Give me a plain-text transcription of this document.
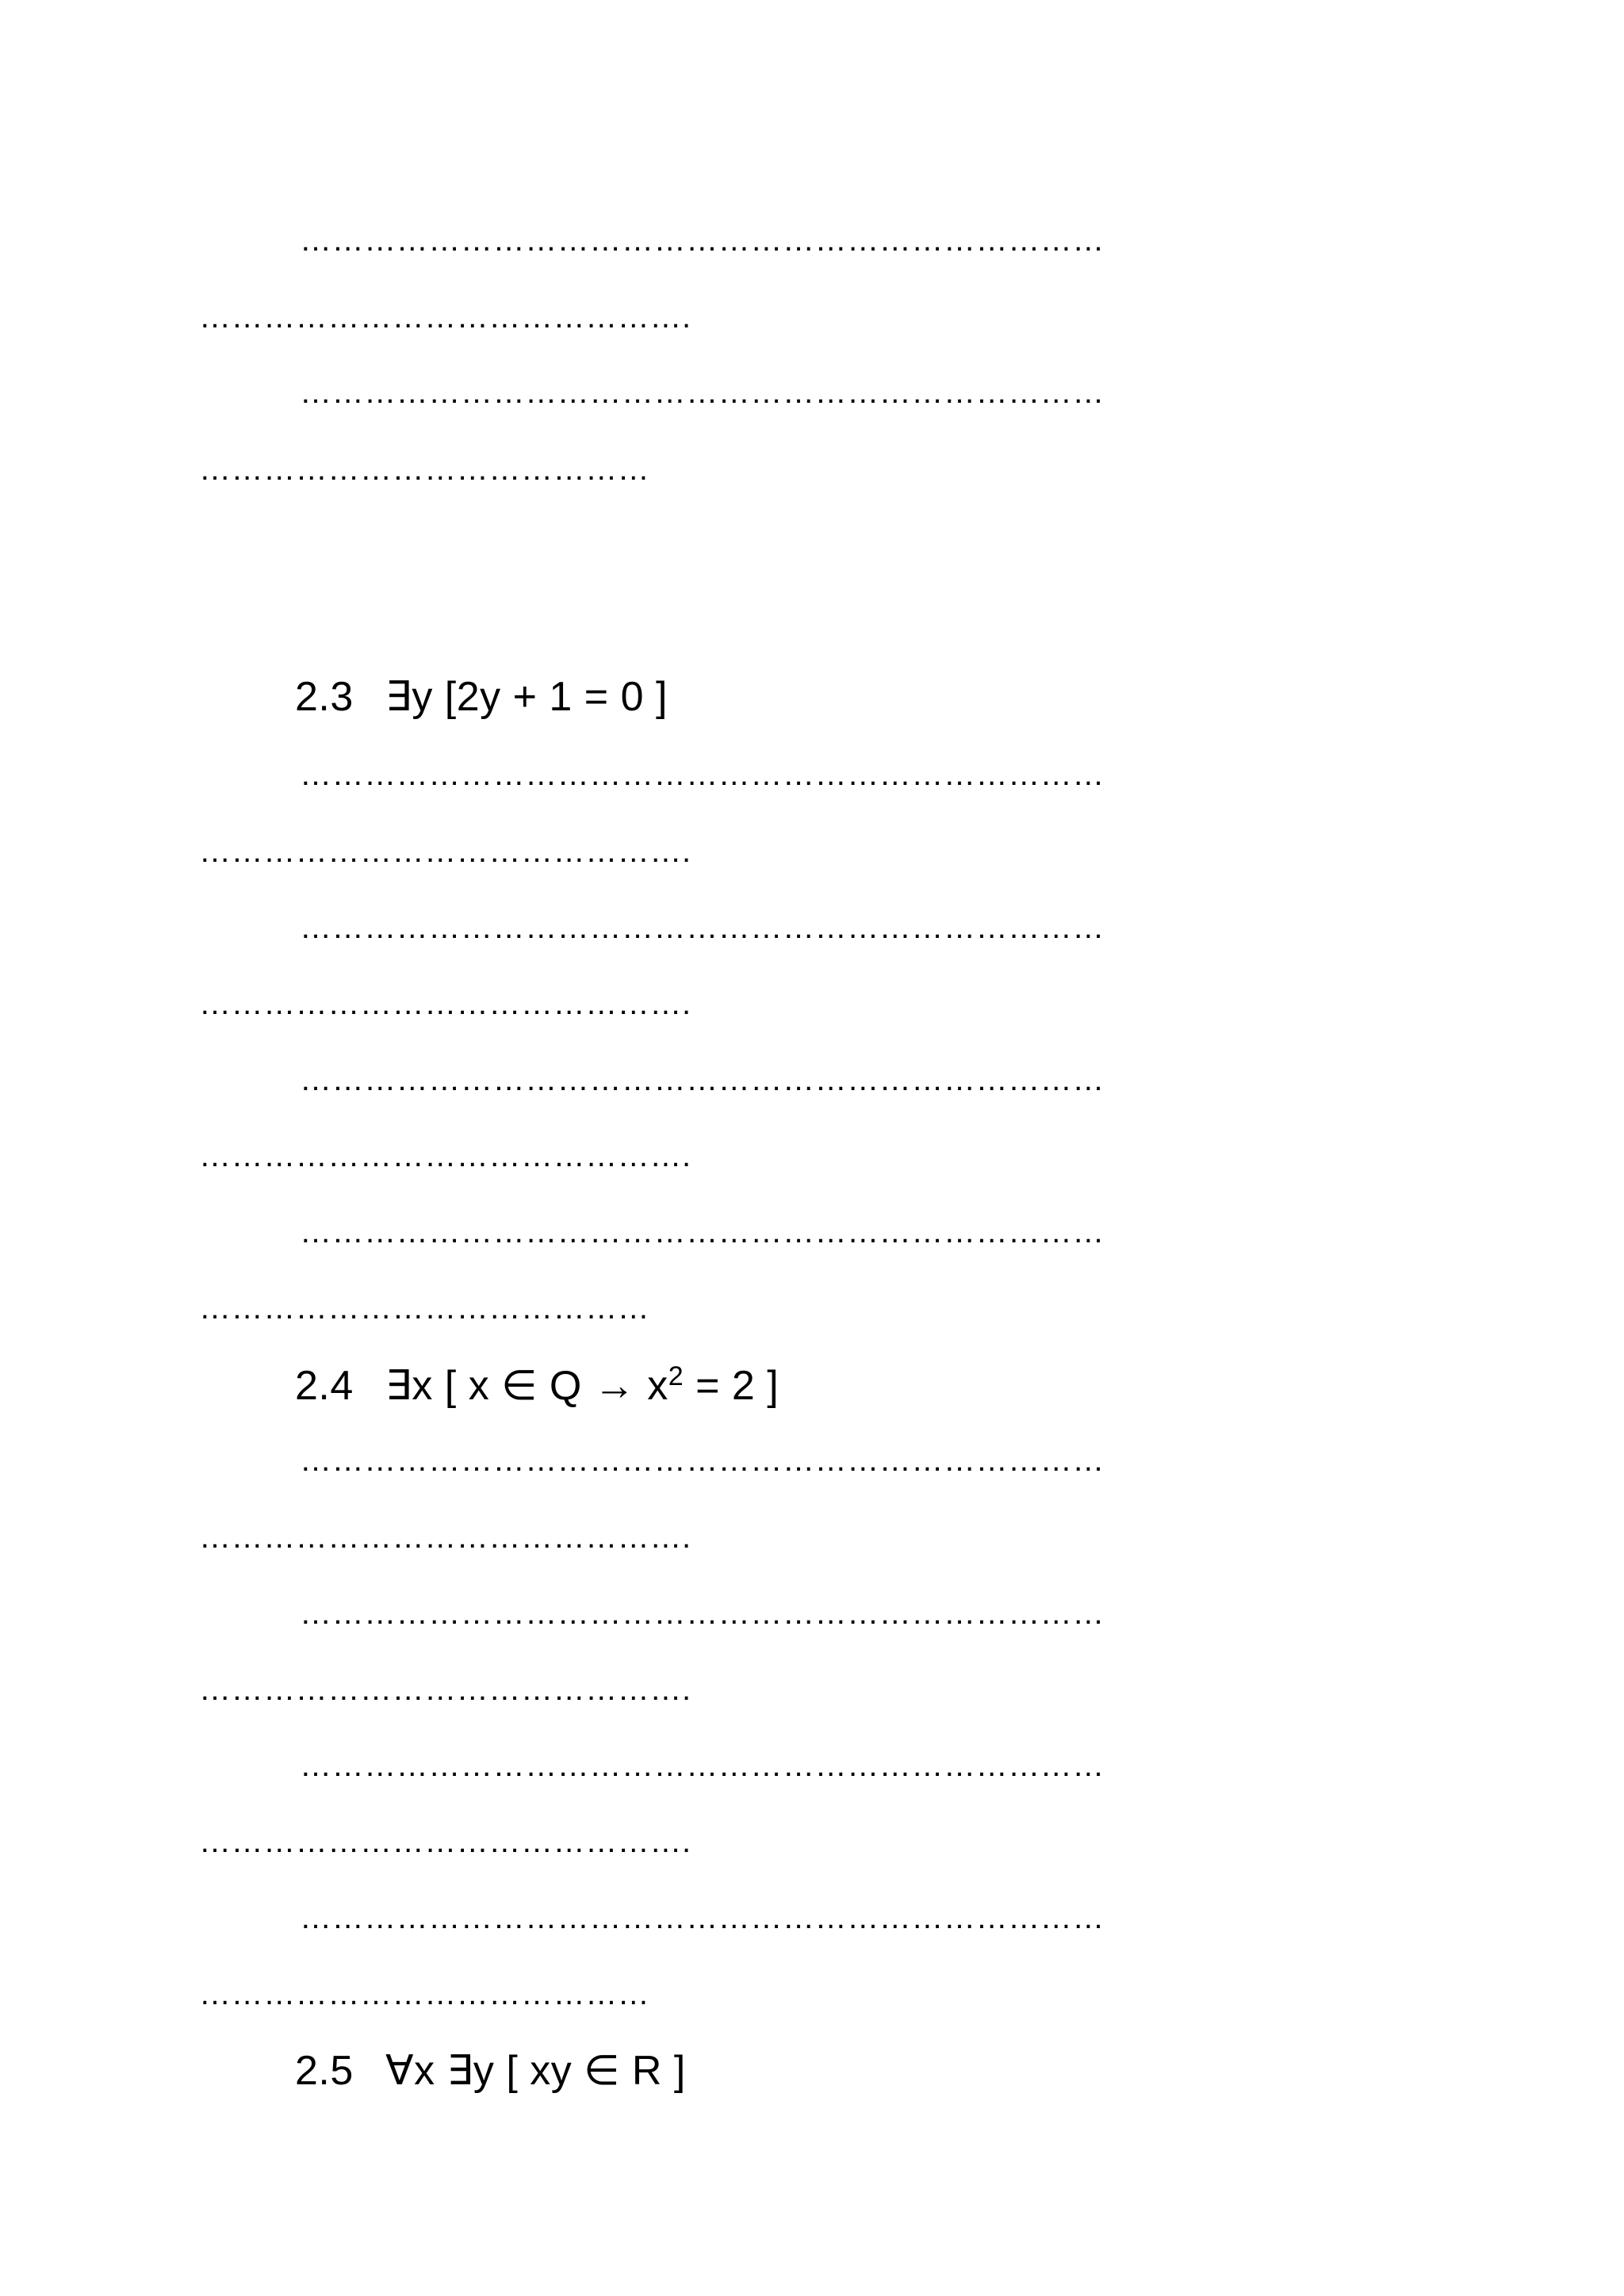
…………………………………………………………………
……………………………………….
…………………………………………………………………
……………………………………
2.3 ∃y [2y + 1 = 0 ]
…………………………………………………………………
……………………………………….
…………………………………………………………………
……………………………………….
…………………………………………………………………
……………………………………….
…………………………………………………………………
……………………………………
2.4 ∃x [ x ∈ $Q \to x^2 = 2$ ]
…………………………………………………………………
……………………………………….
…………………………………………………………………
……………………………………….
…………………………………………………………………
……………………………………….
…………………………………………………………………
……………………………………
2.5 ∀x ∃y [ xy ∈ R ]
